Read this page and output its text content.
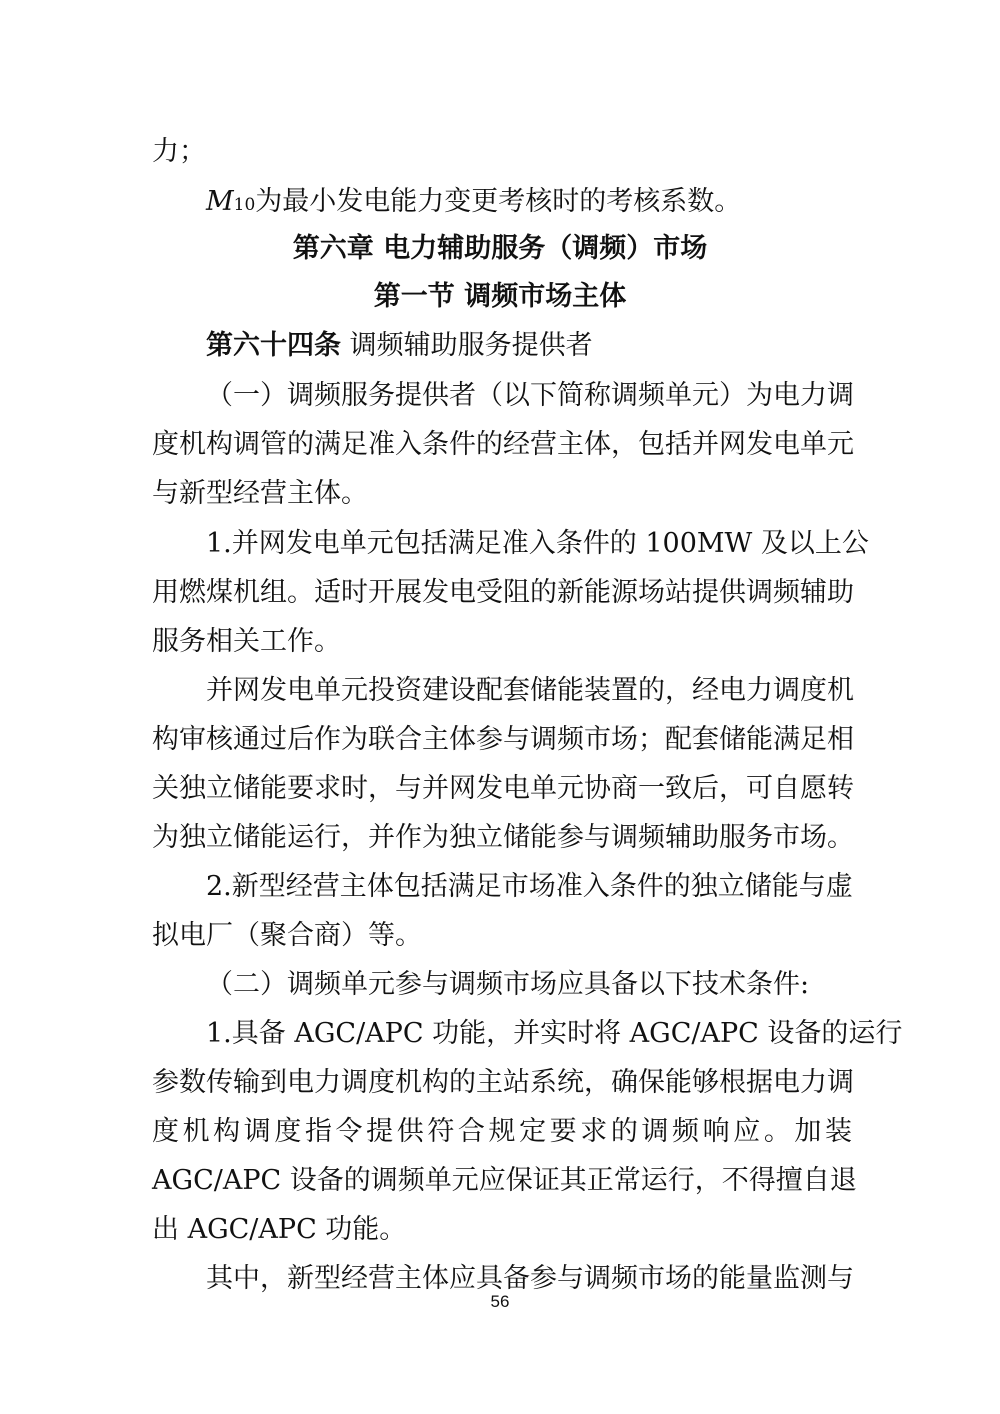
力；
M10为最小发电能力变更考核时的考核系数。
第六章 电力辅助服务（调频）市场
第一节 调频市场主体
第六十四条 调频辅助服务提供者
（一）调频服务提供者（以下简称调频单元）为电力调
度机构调管的满足准入条件的经营主体，包括并网发电单元
与新型经营主体。
1.并网发电单元包括满足准入条件的 100MW 及以上公
用燃煤机组。适时开展发电受阻的新能源场站提供调频辅助
服务相关工作。
并网发电单元投资建设配套储能装置的，经电力调度机
构审核通过后作为联合主体参与调频市场；配套储能满足相
关独立储能要求时，与并网发电单元协商一致后，可自愿转
为独立储能运行，并作为独立储能参与调频辅助服务市场。
2.新型经营主体包括满足市场准入条件的独立储能与虚
拟电厂（聚合商）等。
（二）调频单元参与调频市场应具备以下技术条件:
1.具备 AGC/APC 功能，并实时将 AGC/APC 设备的运行
参数传输到电力调度机构的主站系统，确保能够根据电力调
度机构调度指令提供符合规定要求的调频响应。加装
AGC/APC 设备的调频单元应保证其正常运行，不得擅自退
出 AGC/APC 功能。
其中，新型经营主体应具备参与调频市场的能量监测与
56
